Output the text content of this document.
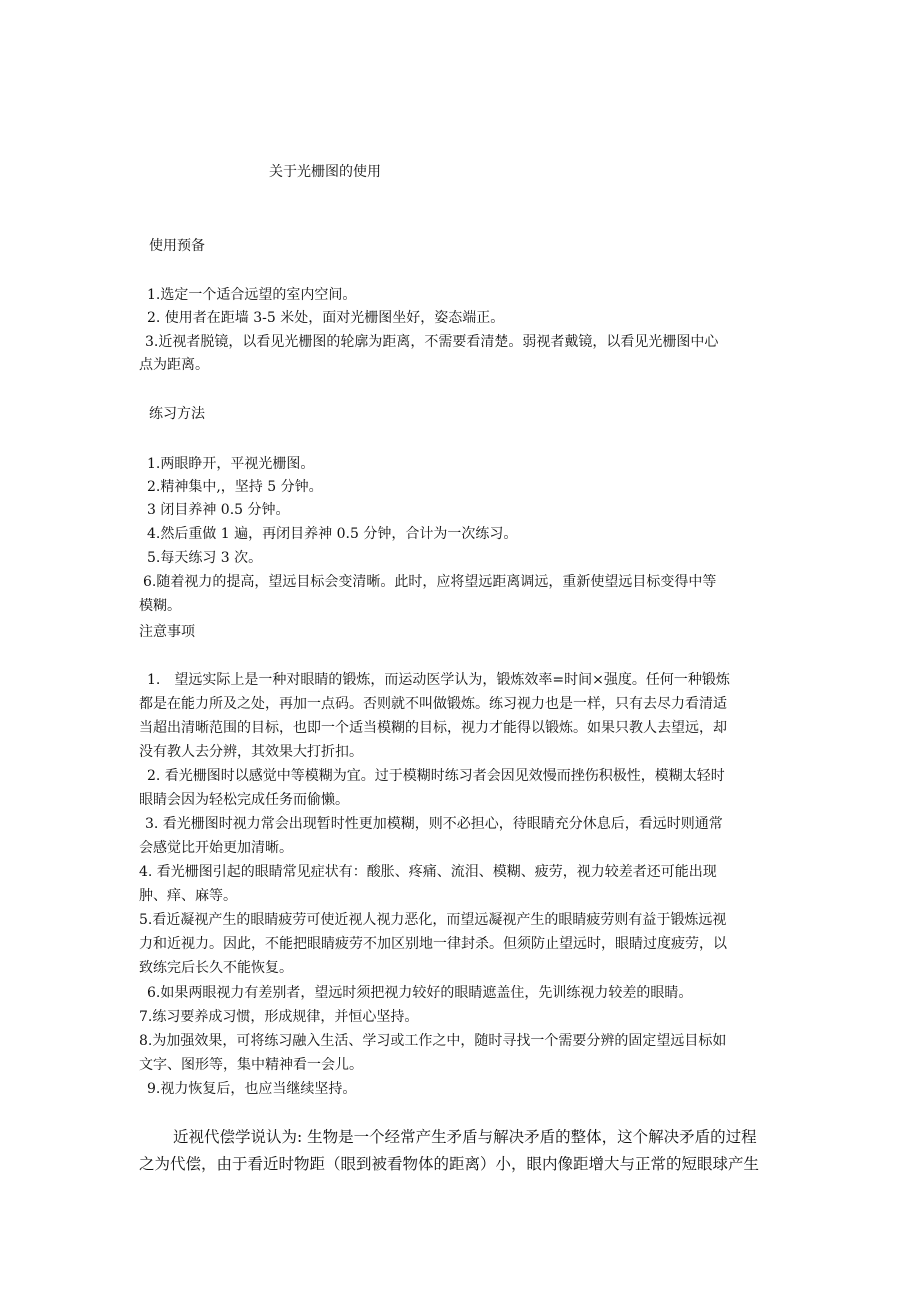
关于光栅图的使用
使用预备
1.选定一个适合远望的室内空间。
2. 使用者在距墙 3-5 米处，面对光栅图坐好，姿态端正。
3.近视者脱镜，以看见光栅图的轮廓为距离，不需要看清楚。弱视者戴镜，以看见光栅图中心
点为距离。
练习方法
1.两眼睁开，平视光栅图。
2.精神集中,，坚持 5 分钟。
3 闭目养神 0.5 分钟。
4.然后重做 1 遍，再闭目养神 0.5 分钟，合计为一次练习。
5.每天练习 3 次。
6.随着视力的提高，望远目标会变清晰。此时，应将望远距离调远，重新使望远目标变得中等
模糊。
注意事项
1.　望远实际上是一种对眼睛的锻炼，而运动医学认为，锻炼效率=时间×强度。任何一种锻炼
都是在能力所及之处，再加一点码。否则就不叫做锻炼。练习视力也是一样，只有去尽力看清适
当超出清晰范围的目标，也即一个适当模糊的目标，视力才能得以锻炼。如果只教人去望远，却
没有教人去分辨，其效果大打折扣。
2. 看光栅图时以感觉中等模糊为宜。过于模糊时练习者会因见效慢而挫伤积极性，模糊太轻时
眼睛会因为轻松完成任务而偷懒。
3. 看光栅图时视力常会出现暂时性更加模糊，则不必担心，待眼睛充分休息后，看远时则通常
会感觉比开始更加清晰。
4. 看光栅图引起的眼睛常见症状有：酸胀、疼痛、流泪、模糊、疲劳，视力较差者还可能出现
肿、痒、麻等。
5.看近凝视产生的眼睛疲劳可使近视人视力恶化，而望远凝视产生的眼睛疲劳则有益于锻炼远视
力和近视力。因此，不能把眼睛疲劳不加区别地一律封杀。但须防止望远时，眼睛过度疲劳，以
致练完后长久不能恢复。
6.如果两眼视力有差别者，望远时须把视力较好的眼睛遮盖住，先训练视力较差的眼睛。
7.练习要养成习惯，形成规律，并恒心坚持。
8.为加强效果，可将练习融入生活、学习或工作之中，随时寻找一个需要分辨的固定望远目标如
文字、图形等，集中精神看一会儿。
9.视力恢复后，也应当继续坚持。
近视代偿学说认为: 生物是一个经常产生矛盾与解决矛盾的整体，这个解决矛盾的过程
之为代偿，由于看近时物距（眼到被看物体的距离）小，眼内像距增大与正常的短眼球产生
